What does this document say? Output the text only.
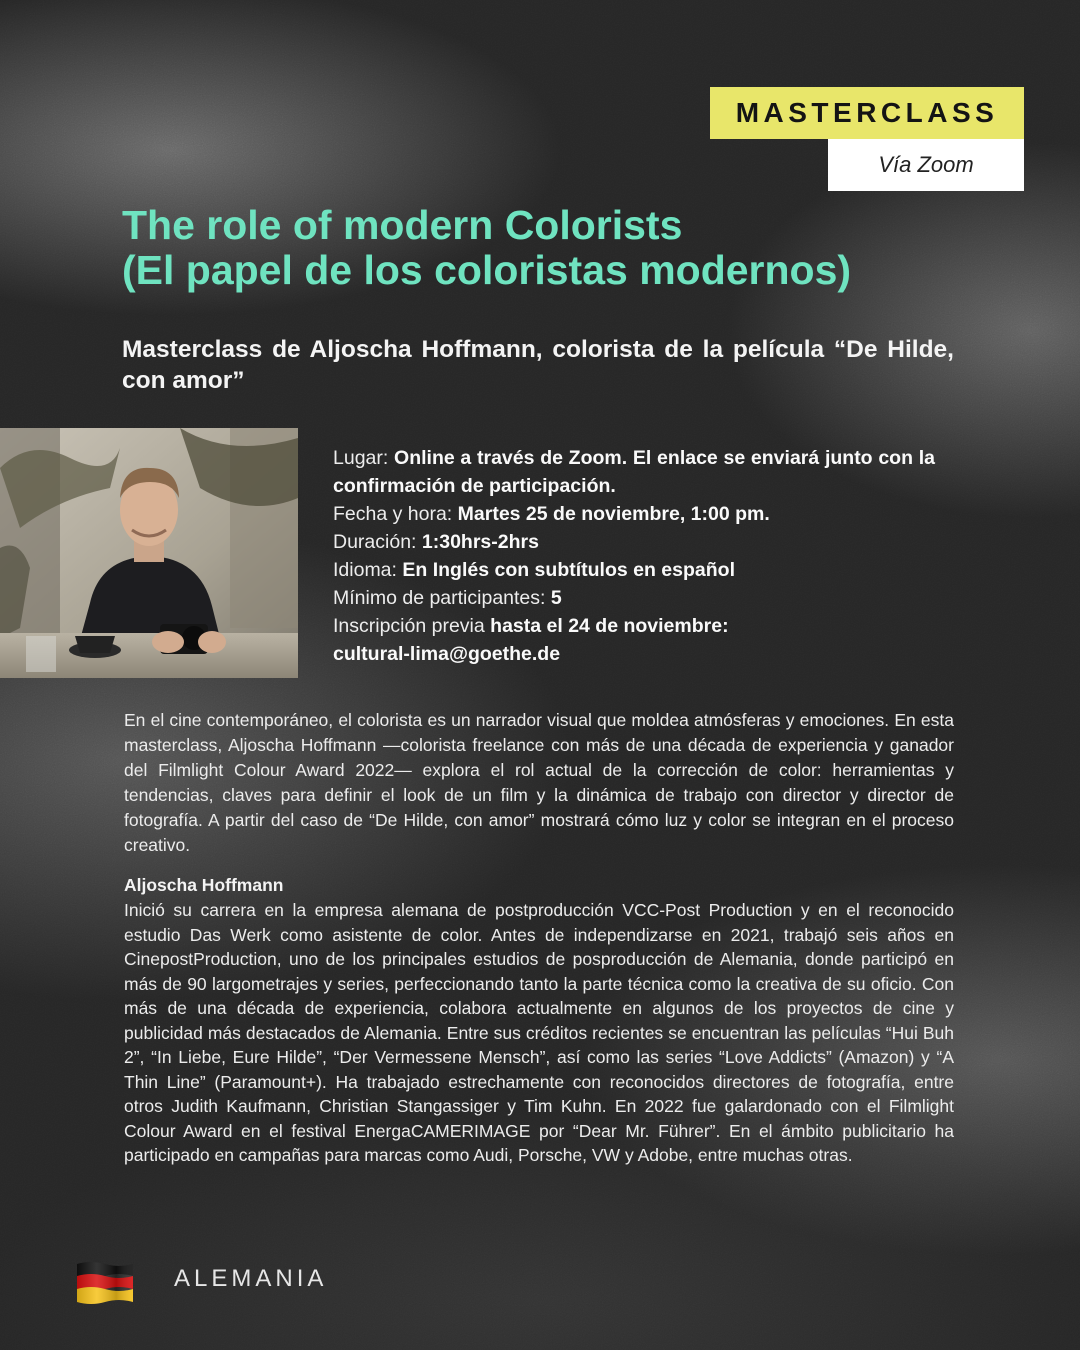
MASTERCLASS
Vía Zoom
The role of modern Colorists
(El papel de los coloristas modernos)

Masterclass de Aljoscha Hoffmann, colorista de la película “De Hilde, con amor”

Lugar: Online a través de Zoom. El enlace se enviará junto con la confirmación de participación.
Fecha y hora: Martes 25 de noviembre, 1:00 pm.
Duración: 1:30hrs-2hrs
Idioma: En Inglés con subtítulos en español
Mínimo de participantes: 5
Inscripción previa hasta el 24 de noviembre:
cultural-lima@goethe.de

En el cine contemporáneo, el colorista es un narrador visual que moldea atmósferas y emociones. En esta masterclass, Aljoscha Hoffmann —colorista freelance con más de una década de experiencia y ganador del Filmlight Colour Award 2022— explora el rol actual de la corrección de color: herramientas y tendencias, claves para definir el look de un film y la dinámica de trabajo con director y director de fotografía. A partir del caso de “De Hilde, con amor” mostrará cómo luz y color se integran en el proceso creativo.

Aljoscha Hoffmann

Inició su carrera en la empresa alemana de postproducción VCC-Post Production y en el reconocido estudio Das Werk como asistente de color. Antes de independizarse en 2021, trabajó seis años en CinepostProduction, uno de los principales estudios de posproducción de Alemania, donde participó en más de 90 largometrajes y series, perfeccionando tanto la parte técnica como la creativa de su oficio. Con más de una década de experiencia, colabora actualmente en algunos de los proyectos de cine y publicidad más destacados de Alemania. Entre sus créditos recientes se encuentran las películas “Hui Buh 2”, “In Liebe, Eure Hilde”, “Der Vermessene Mensch”, así como las series “Love Addicts” (Amazon) y “A Thin Line” (Paramount+). Ha trabajado estrechamente con reconocidos directores de fotografía, entre otros Judith Kaufmann, Christian Stangassiger y Tim Kuhn. En 2022 fue galardonado con el Filmlight Colour Award en el festival EnergaCAMERIMAGE por “Dear Mr. Führer”. En el ámbito publicitario ha participado en campañas para marcas como Audi, Porsche, VW y Adobe, entre muchas otras.

ALEMANIA
